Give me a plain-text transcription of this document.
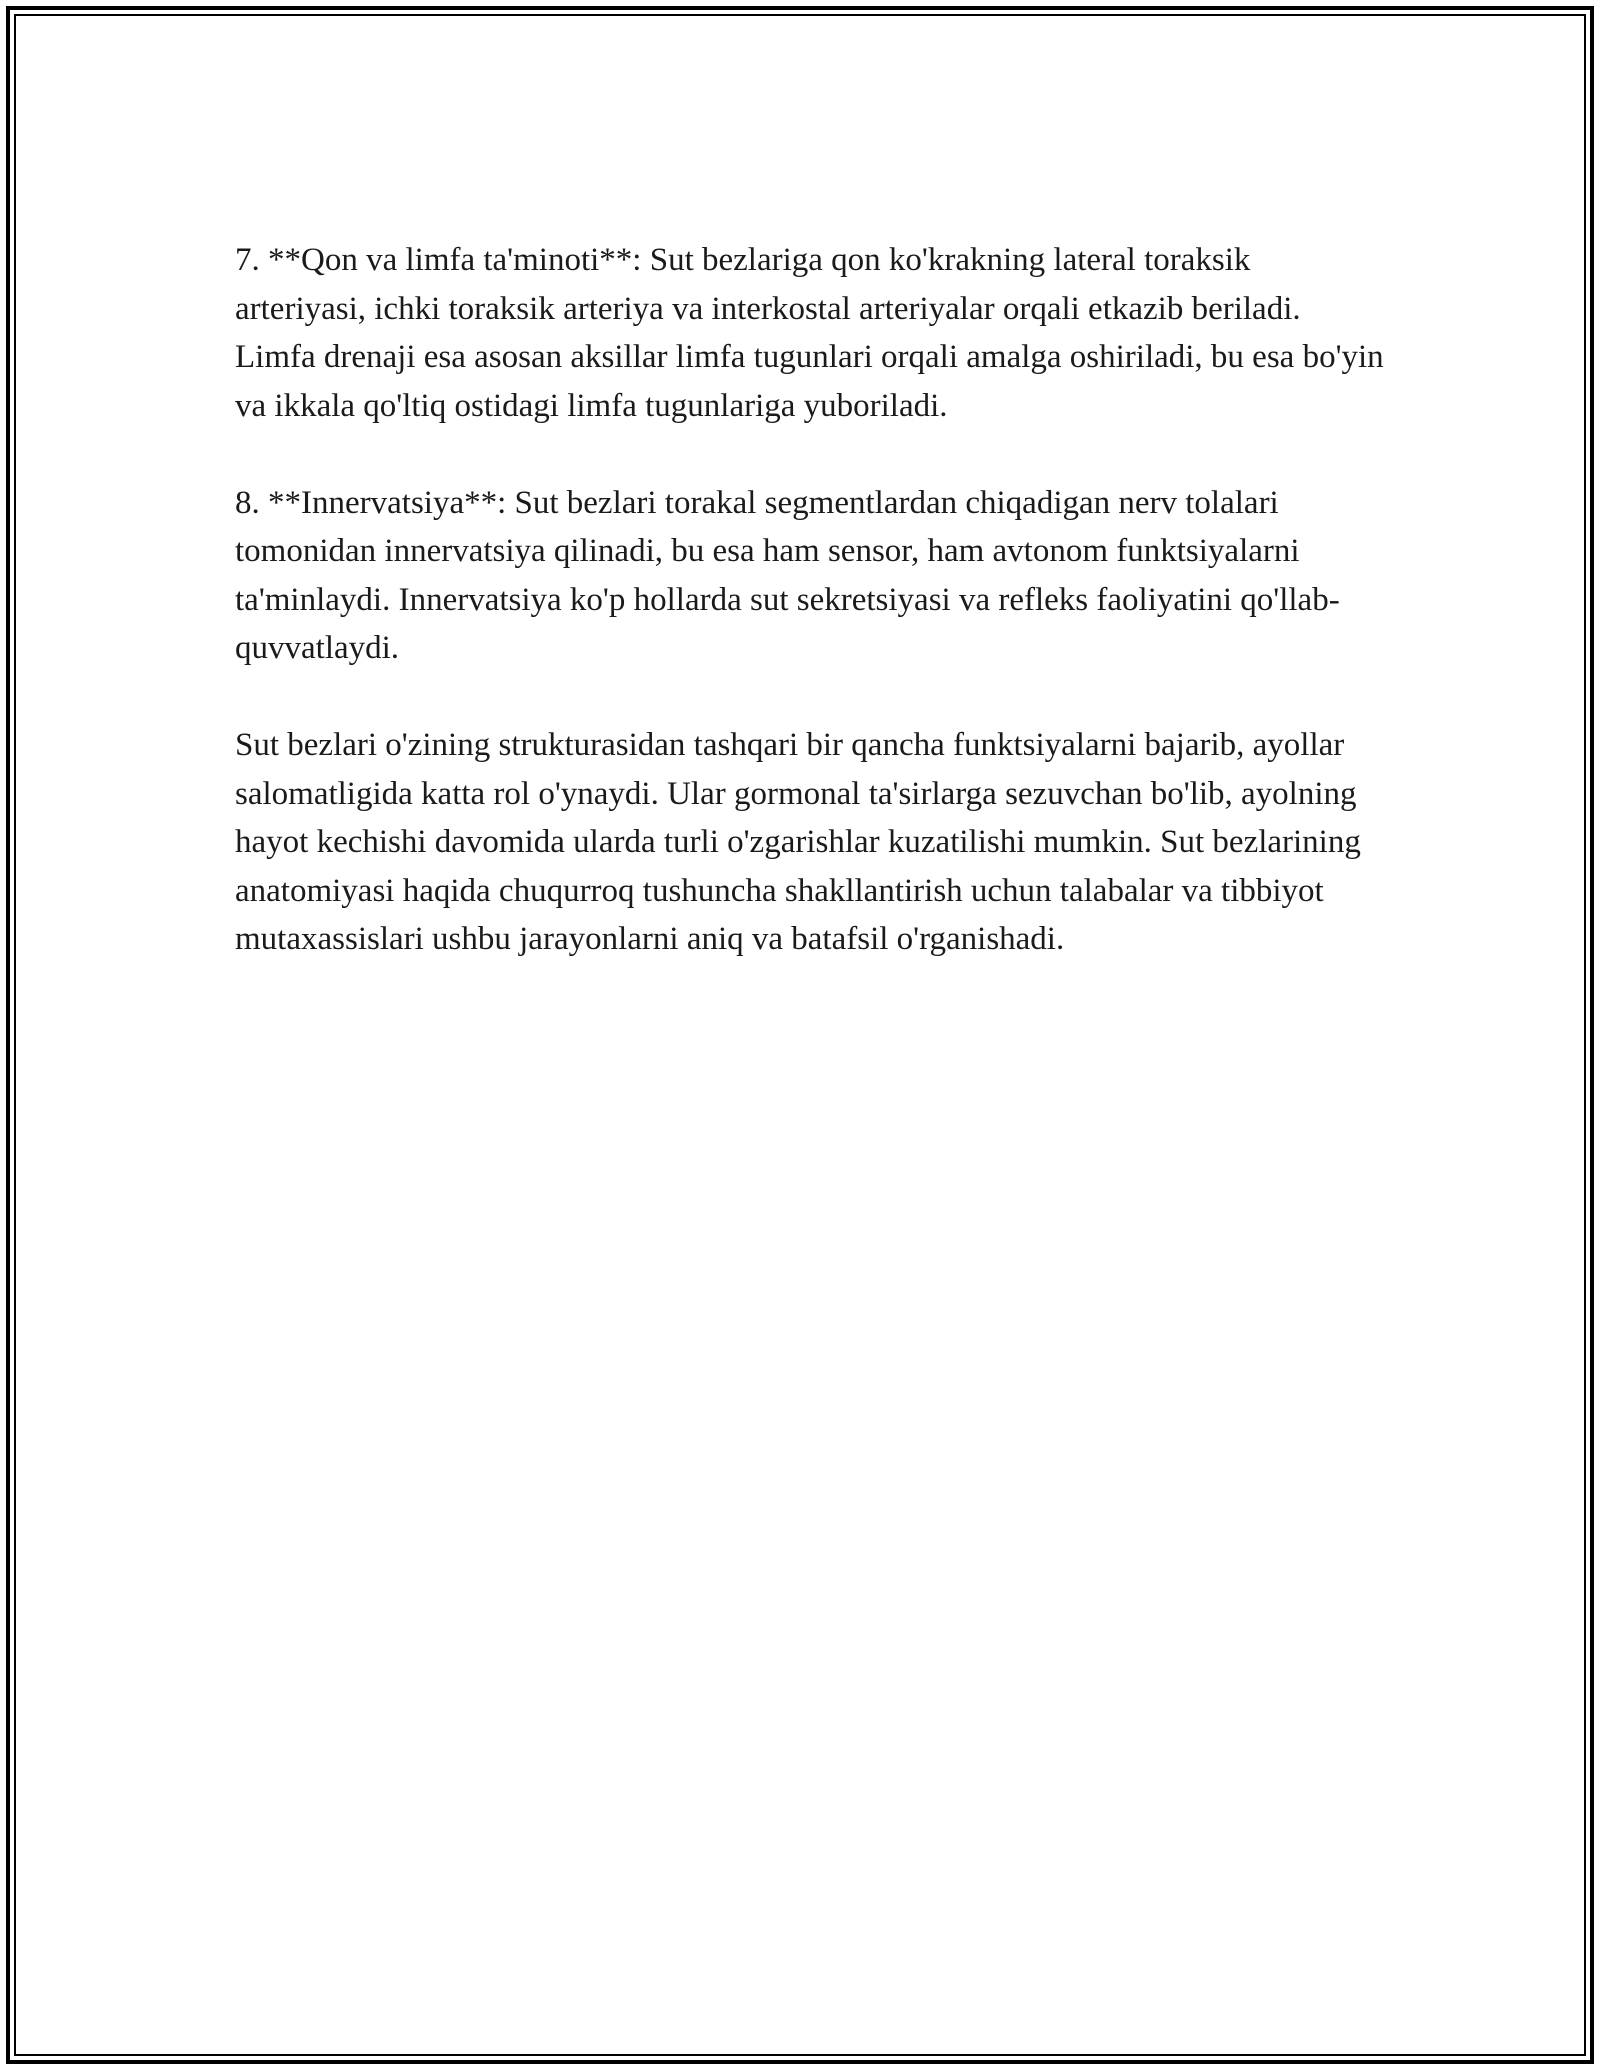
7. **Qon va limfa ta'minoti**: Sut bezlariga qon ko'krakning lateral toraksik arteriyasi, ichki toraksik arteriya va interkostal arteriyalar orqali etkazib beriladi. Limfa drenaji esa asosan aksillar limfa tugunlari orqali amalga oshiriladi, bu esa bo'yin va ikkala qo'ltiq ostidagi limfa tugunlariga yuboriladi.

8. **Innervatsiya**: Sut bezlari torakal segmentlardan chiqadigan nerv tolalari tomonidan innervatsiya qilinadi, bu esa ham sensor, ham avtonom funktsiyalarni ta'minlaydi. Innervatsiya ko'p hollarda sut sekretsiyasi va refleks faoliyatini qo'llab-quvvatlaydi.

Sut bezlari o'zining strukturasidan tashqari bir qancha funktsiyalarni bajarib, ayollar salomatligida katta rol o'ynaydi. Ular gormonal ta'sirlarga sezuvchan bo'lib, ayolning hayot kechishi davomida ularda turli o'zgarishlar kuzatilishi mumkin. Sut bezlarining anatomiyasi haqida chuqurroq tushuncha shakllantirish uchun talabalar va tibbiyot mutaxassislari ushbu jarayonlarni aniq va batafsil o'rganishadi.
